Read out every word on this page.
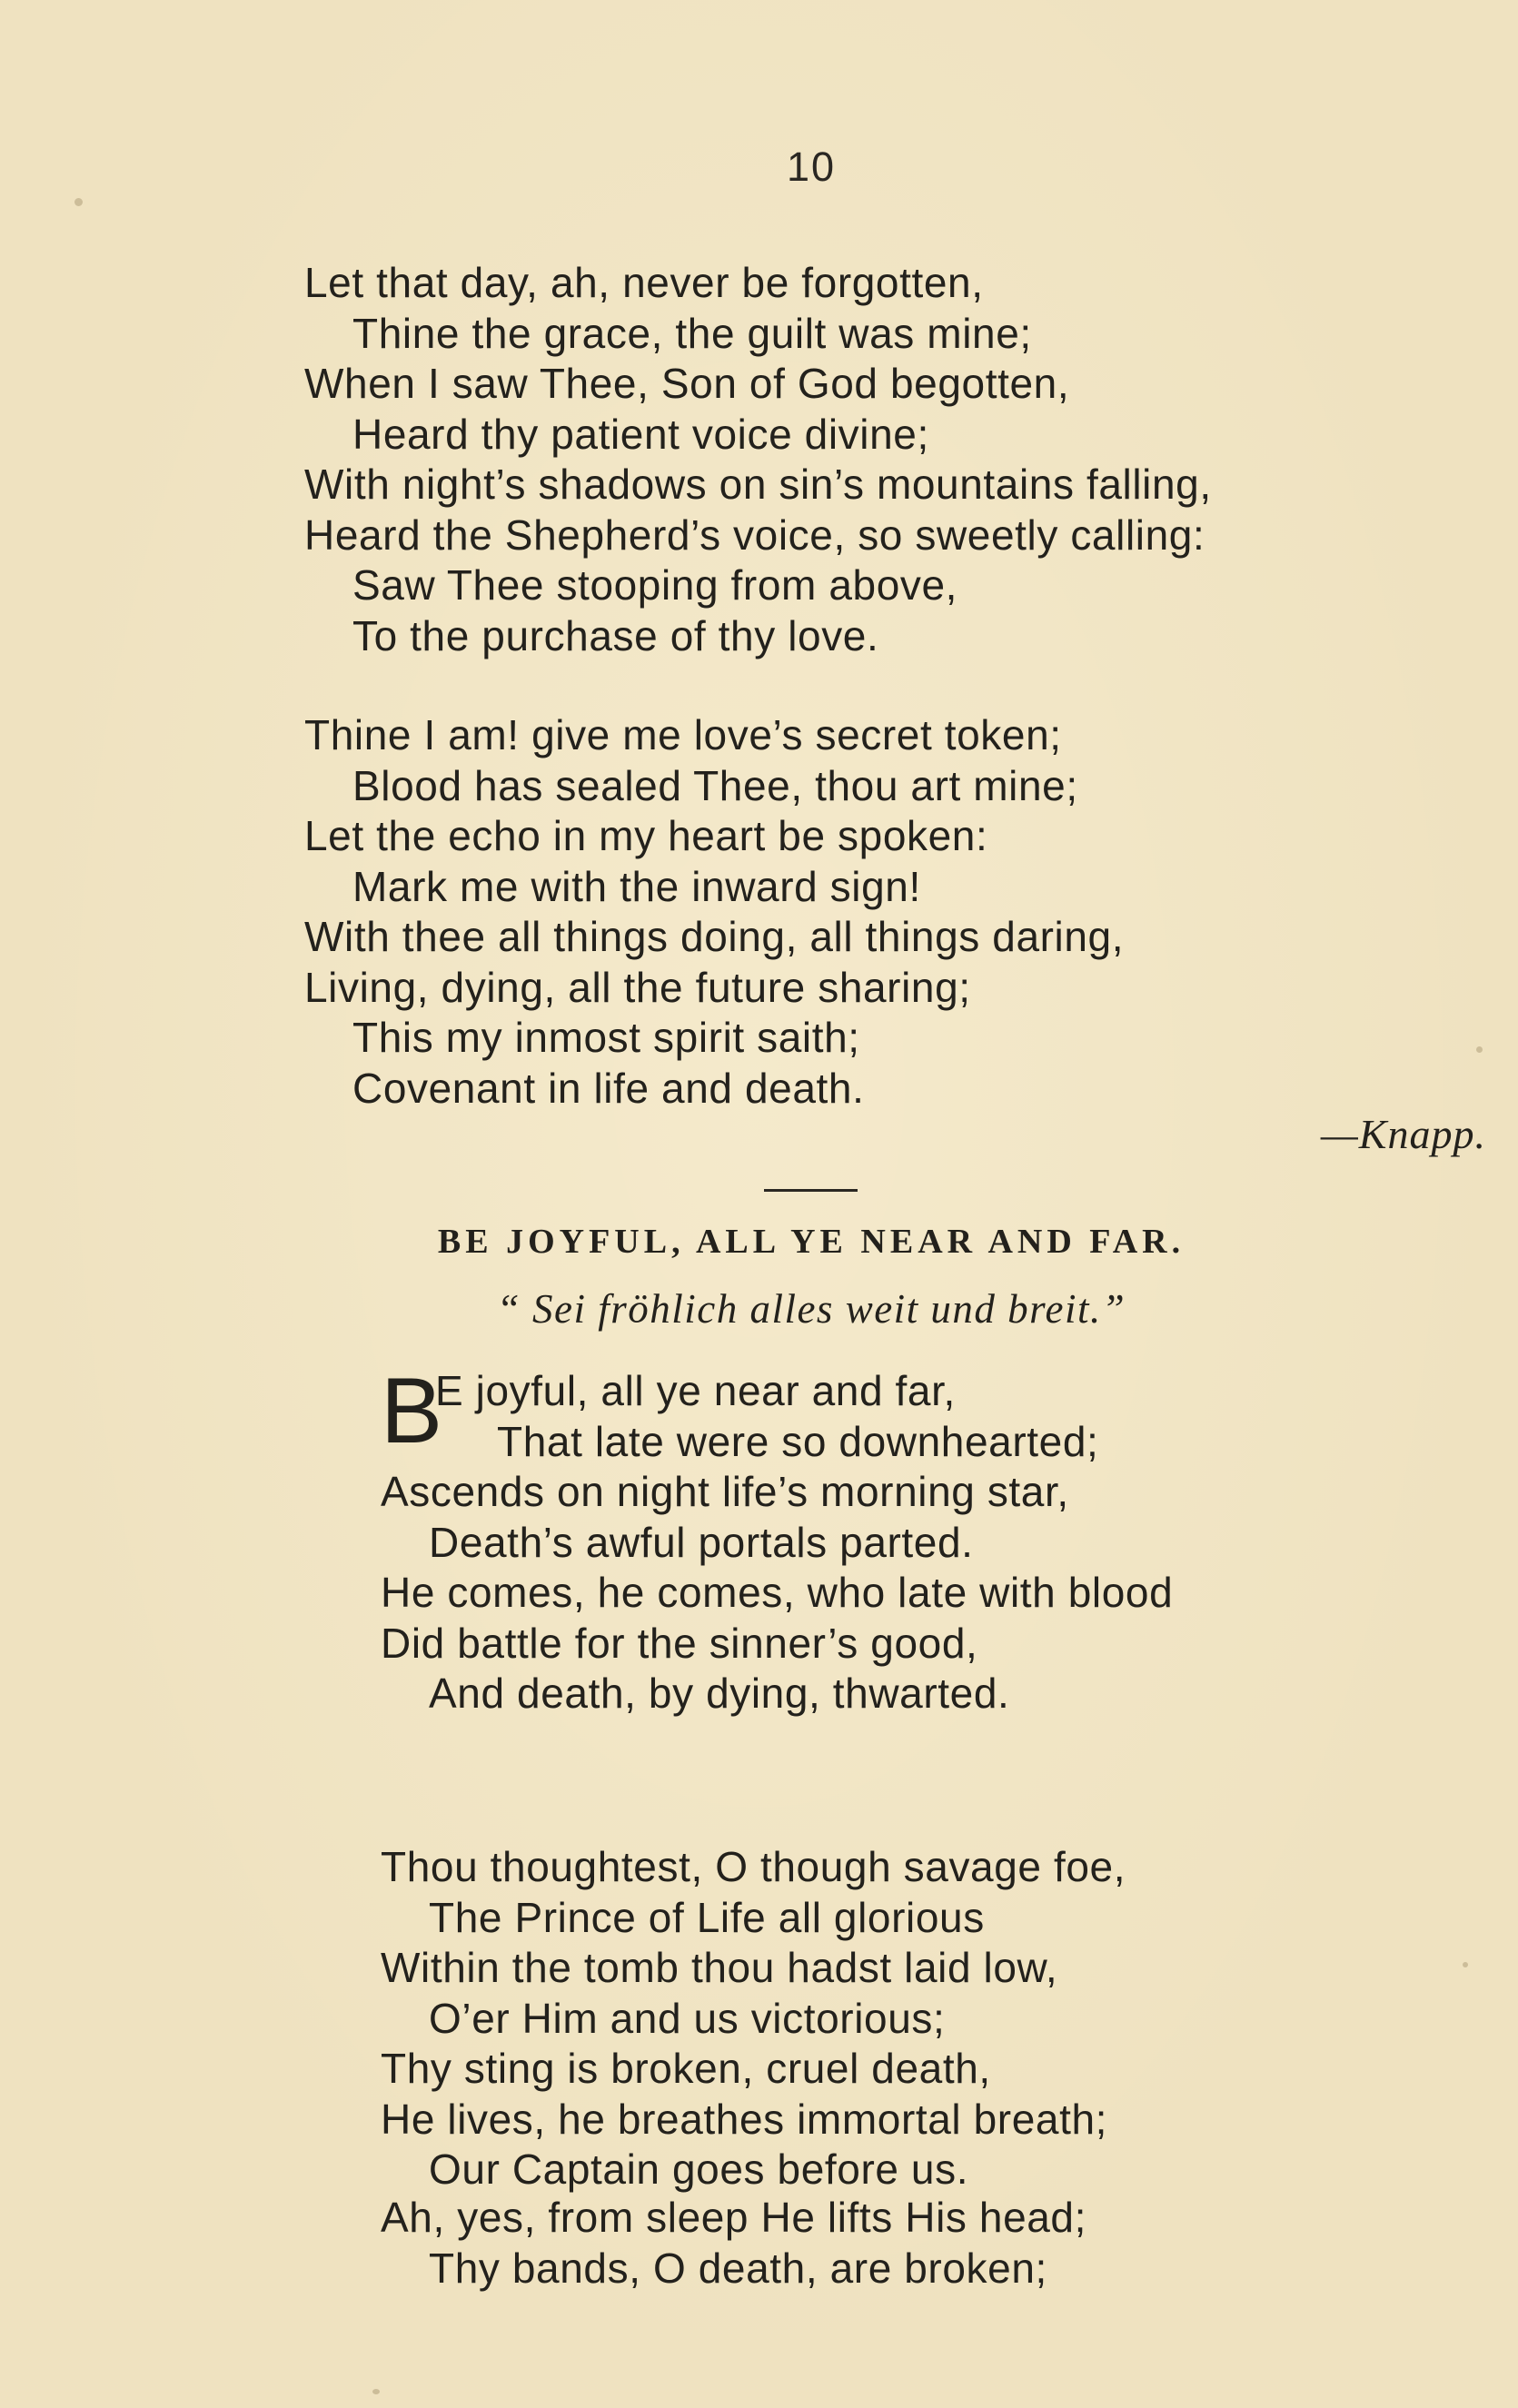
10
Let that day, ah, never be forgotten,
Thine the grace, the guilt was mine;
When I saw Thee, Son of God begotten,
Heard thy patient voice divine;
With night’s shadows on sin’s mountains falling,
Heard the Shepherd’s voice, so sweetly calling:
Saw Thee stooping from above,
To the purchase of thy love.
Thine I am! give me love’s secret token;
Blood has sealed Thee, thou art mine;
Let the echo in my heart be spoken:
Mark me with the inward sign!
With thee all things doing, all things daring,
Living, dying, all the future sharing;
This my inmost spirit saith;
Covenant in life and death.
—Knapp.
BE JOYFUL, ALL YE NEAR AND FAR.
“ Sei fröhlich alles weit und breit.”
B
E joyful, all ye near and far,
That late were so downhearted;
Ascends on night life’s morning star,
Death’s awful portals parted.
He comes, he comes, who late with blood
Did battle for the sinner’s good,
And death, by dying, thwarted.
Thou thoughtest, O though savage foe,
The Prince of Life all glorious
Within the tomb thou hadst laid low,
O’er Him and us victorious;
Thy sting is broken, cruel death,
He lives, he breathes immortal breath;
Our Captain goes before us.
Ah, yes, from sleep He lifts His head;
Thy bands, O death, are broken;
